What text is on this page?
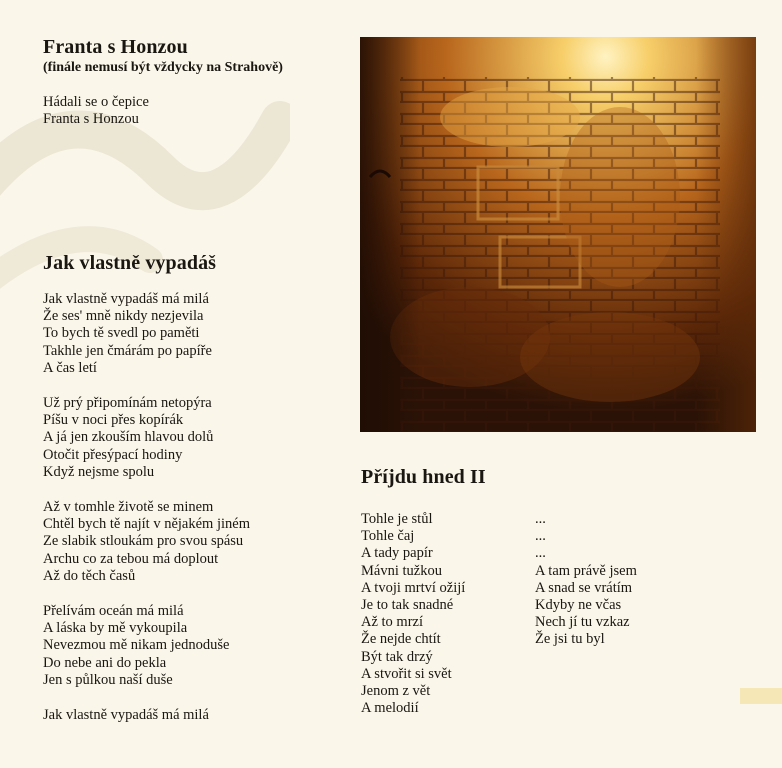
Franta s Honzou

(finále nemusí být vždycky na Strahově)

Hádali se o čepice
Franta s Honzou
Jak vlastně vypadáš
Jak vlastně vypadáš má milá
Že ses' mně nikdy nezjevila
To bych tě svedl po paměti
Takhle jen čmárám po papíře
A čas letí
Už prý připomínám netopýra
Píšu v noci přes kopírák
A já jen zkouším hlavou dolů
Otočit přesýpací hodiny
Když nejsme spolu
Až v tomhle životě se minem
Chtěl bych tě najít v nějakém jiném
Ze slabik stloukám pro svou spásu
Archu co za tebou má doplout
Až do těch časů
Přelívám oceán má milá
A láska by mě vykoupila
Nevezmou mě nikam jednoduše
Do nebe ani do pekla
Jen s půlkou naší duše
Jak vlastně vypadáš má milá
Příjdu hned II
Tohle je stůl
Tohle čaj
A tady papír
Mávni tužkou
A tvoji mrtví ožijí
Je to tak snadné
Až to mrzí
Že nejde chtít
Být tak drzý
A stvořit si svět
Jenom z vět
A melodií
...
...
...
A tam právě jsem
A snad se vrátím
Kdyby ne včas
Nech jí tu vzkaz
Že jsi tu byl
